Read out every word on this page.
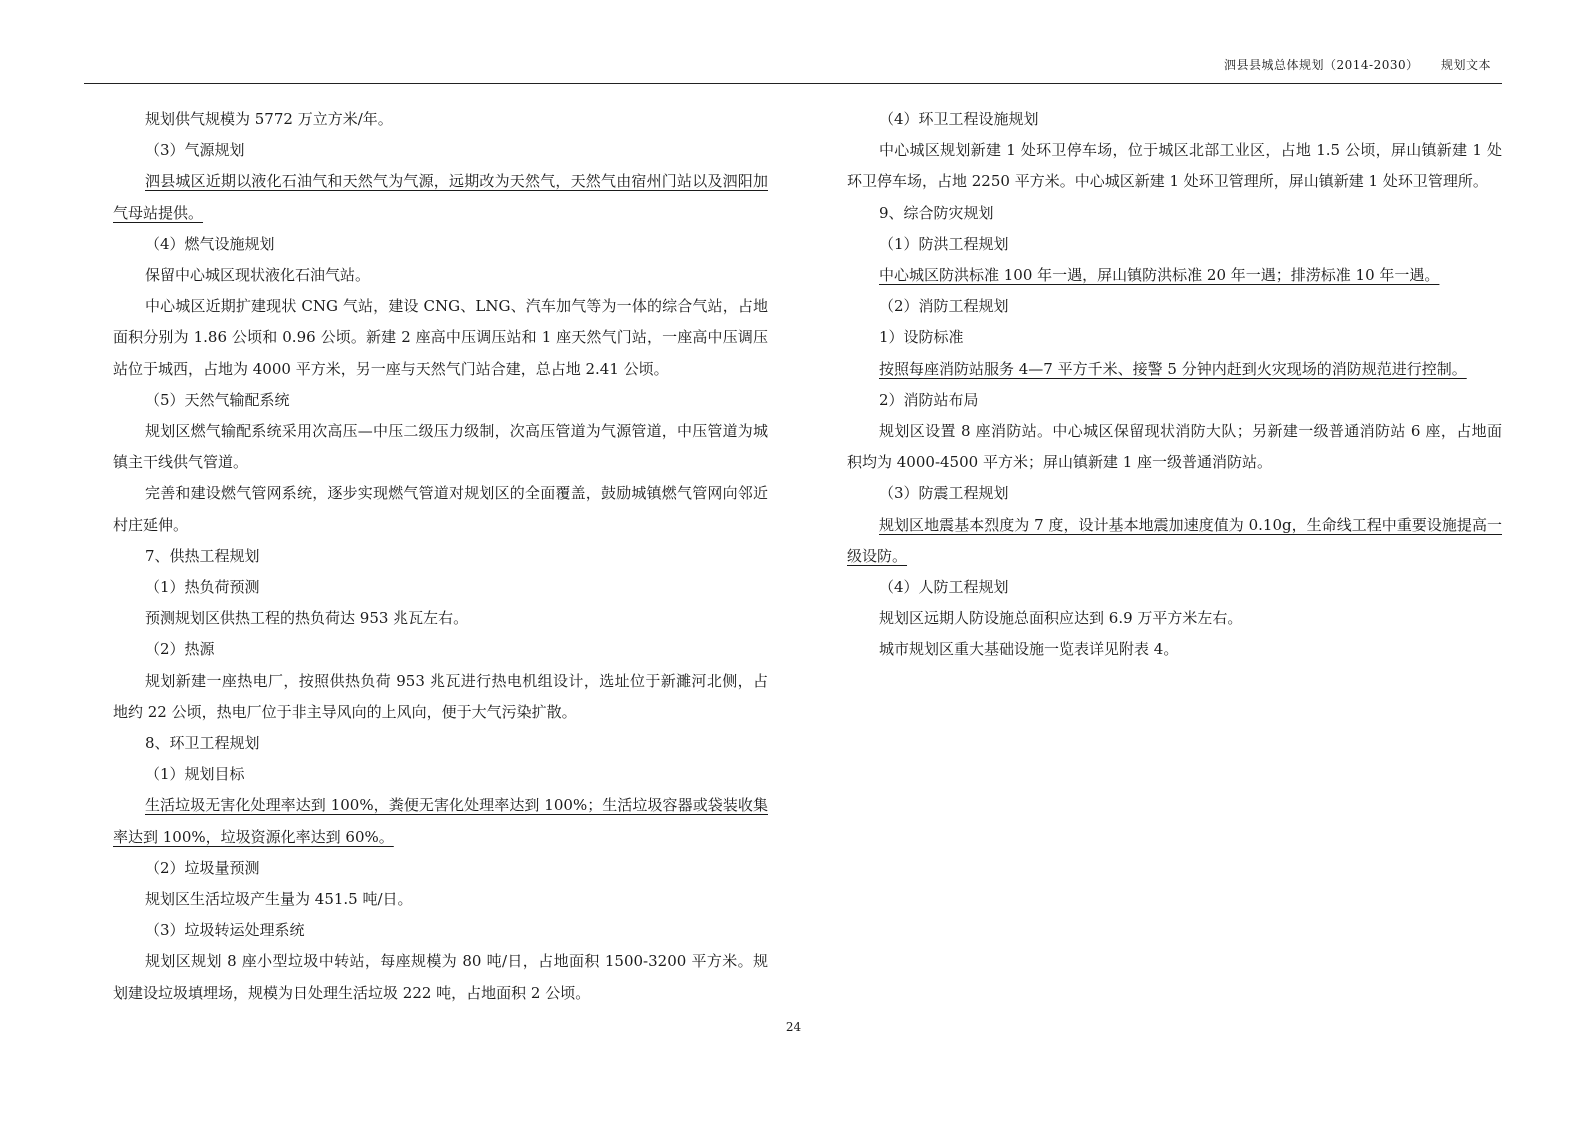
泗县县城总体规划（2014-2030） 规划文本

规划供气规模为 5772 万立方米/年。

（3）气源规划

泗县城区近期以液化石油气和天然气为气源，远期改为天然气，天然气由宿州门站以及泗阳加气母站提供。

（4）燃气设施规划

保留中心城区现状液化石油气站。

中心城区近期扩建现状 CNG 气站，建设 CNG、LNG、汽车加气等为一体的综合气站，占地面积分别为 1.86 公顷和 0.96 公顷。新建 2 座高中压调压站和 1 座天然气门站，一座高中压调压站位于城西，占地为 4000 平方米，另一座与天然气门站合建，总占地 2.41 公顷。

（5）天然气输配系统

规划区燃气输配系统采用次高压—中压二级压力级制，次高压管道为气源管道，中压管道为城镇主干线供气管道。

完善和建设燃气管网系统，逐步实现燃气管道对规划区的全面覆盖，鼓励城镇燃气管网向邻近村庄延伸。

7、供热工程规划

（1）热负荷预测

预测规划区供热工程的热负荷达 953 兆瓦左右。

（2）热源

规划新建一座热电厂，按照供热负荷 953 兆瓦进行热电机组设计，选址位于新濉河北侧，占地约 22 公顷，热电厂位于非主导风向的上风向，便于大气污染扩散。

8、环卫工程规划

（1）规划目标

生活垃圾无害化处理率达到 100%，粪便无害化处理率达到 100%；生活垃圾容器或袋装收集率达到 100%，垃圾资源化率达到 60%。

（2）垃圾量预测

规划区生活垃圾产生量为 451.5 吨/日。

（3）垃圾转运处理系统

规划区规划 8 座小型垃圾中转站，每座规模为 80 吨/日，占地面积 1500-3200 平方米。规划建设垃圾填埋场，规模为日处理生活垃圾 222 吨，占地面积 2 公顷。

（4）环卫工程设施规划

中心城区规划新建 1 处环卫停车场，位于城区北部工业区，占地 1.5 公顷，屏山镇新建 1 处环卫停车场，占地 2250 平方米。中心城区新建 1 处环卫管理所，屏山镇新建 1 处环卫管理所。

9、综合防灾规划

（1）防洪工程规划

中心城区防洪标准 100 年一遇，屏山镇防洪标准 20 年一遇；排涝标准 10 年一遇。

（2）消防工程规划

1）设防标准

按照每座消防站服务 4—7 平方千米、接警 5 分钟内赶到火灾现场的消防规范进行控制。

2）消防站布局

规划区设置 8 座消防站。中心城区保留现状消防大队；另新建一级普通消防站 6 座，占地面积均为 4000-4500 平方米；屏山镇新建 1 座一级普通消防站。

（3）防震工程规划

规划区地震基本烈度为 7 度，设计基本地震加速度值为 0.10g，生命线工程中重要设施提高一级设防。

（4）人防工程规划

规划区远期人防设施总面积应达到 6.9 万平方米左右。

城市规划区重大基础设施一览表详见附表 4。

24
